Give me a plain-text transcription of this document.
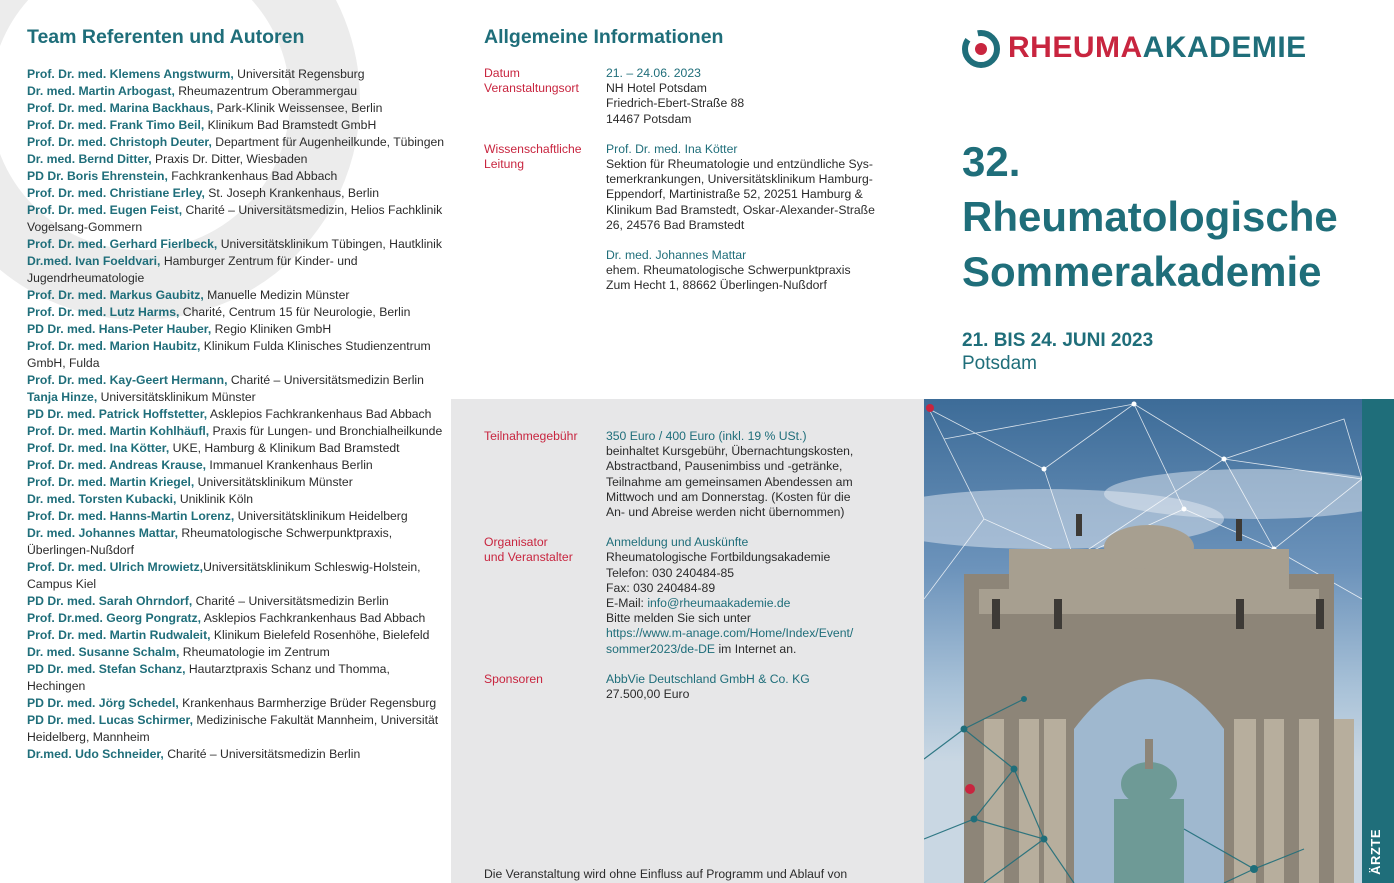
Team Referenten und Autoren

Prof. Dr. med. Klemens Angstwurm, Universität Regensburg

Dr. med. Martin Arbogast, Rheumazentrum Oberammergau

Prof. Dr. med. Marina Backhaus, Park-Klinik Weissensee, Berlin

Prof. Dr. med. Frank Timo Beil, Klinikum Bad Bramstedt GmbH

Prof. Dr. med. Christoph Deuter, Department für Augenheilkunde, Tübingen

Dr. med. Bernd Ditter, Praxis Dr. Ditter, Wiesbaden

PD Dr. Boris Ehrenstein, Fachkrankenhaus Bad Abbach

Prof. Dr. med. Christiane Erley, St. Joseph Krankenhaus, Berlin

Prof. Dr. med. Eugen Feist, Charité – Universitätsmedizin, Helios Fachklinik Vogelsang-Gommern

Prof. Dr. med. Gerhard Fierlbeck, Universitätsklinikum Tübingen, Hautklinik

Dr.med. Ivan Foeldvari, Hamburger Zentrum für Kinder- und Jugendrheumatologie

Prof. Dr. med. Markus Gaubitz, Manuelle Medizin Münster

Prof. Dr. med. Lutz Harms, Charité, Centrum 15 für Neurologie, Berlin

PD Dr. med. Hans-Peter Hauber, Regio Kliniken GmbH

Prof. Dr. med. Marion Haubitz, Klinikum Fulda Klinisches Studienzentrum GmbH, Fulda

Prof. Dr. med. Kay-Geert Hermann, Charité – Universitätsmedizin Berlin

Tanja Hinze, Universitätsklinikum Münster

PD Dr. med. Patrick Hoffstetter, Asklepios Fachkrankenhaus Bad Abbach

Prof. Dr. med. Martin Kohlhäufl, Praxis für Lungen- und Bronchialheilkunde

Prof. Dr. med. Ina Kötter, UKE, Hamburg & Klinikum Bad Bramstedt

Prof. Dr. med. Andreas Krause, Immanuel Krankenhaus Berlin

Prof. Dr. med. Martin Kriegel, Universitätsklinikum Münster

Dr. med. Torsten Kubacki, Uniklinik Köln

Prof. Dr. med. Hanns-Martin Lorenz, Universitätsklinikum Heidelberg

Dr. med. Johannes Mattar, Rheumatologische Schwerpunktpraxis, Überlingen-Nußdorf

Prof. Dr. med. Ulrich Mrowietz,Universitätsklinikum Schleswig-Holstein, Campus Kiel

PD Dr. med. Sarah Ohrndorf, Charité – Universitätsmedizin Berlin

Prof. Dr.med. Georg Pongratz, Asklepios Fachkrankenhaus Bad Abbach

Prof. Dr. med. Martin Rudwaleit, Klinikum Bielefeld Rosenhöhe, Bielefeld

Dr. med. Susanne Schalm, Rheumatologie im Zentrum

PD Dr. med. Stefan Schanz, Hautarztpraxis Schanz und Thomma, Hechingen

PD Dr. med. Jörg Schedel, Krankenhaus Barmherzige Brüder Regensburg

PD Dr. med. Lucas Schirmer, Medizinische Fakultät Mannheim, Universität Heidelberg, Mannheim

Dr.med. Udo Schneider, Charité – Universitätsmedizin Berlin

Allgemeine Informationen
Datum
Veranstaltungsort
21. – 24.06. 2023
NH Hotel Potsdam
Friedrich-Ebert-Straße 88
14467 Potsdam
Wissenschaftliche
Leitung
Prof. Dr. med. Ina Kötter
Sektion für Rheumatologie und entzündliche Sys-
temerkrankungen, Universitätsklinikum Hamburg-
Eppendorf, Martinistraße 52, 20251 Hamburg &
Klinikum Bad Bramstedt, Oskar-Alexander-Straße
26, 24576 Bad Bramstedt
Dr. med. Johannes Mattar
ehem. Rheumatologische Schwerpunktpraxis
Zum Hecht 1, 88662 Überlingen-Nußdorf
Teilnahmegebühr	350 Euro / 400 Euro (inkl. 19 % USt.)
beinhaltet Kursgebühr, Übernachtungskosten,
Abstractband, Pausenimbiss und -getränke,
Teilnahme am gemeinsamen Abendessen am
Mittwoch und am Donnerstag. (Kosten für die
An- und Abreise werden nicht übernommen)
Organisator
und Veranstalter
Anmeldung und Auskünfte
Rheumatologische Fortbildungsakademie
Telefon: 030 240484-85
Fax: 030 240484-89
E-Mail: info@rheumaakademie.de
Bitte melden Sie sich unter
https://www.m-anage.com/Home/Index/Event/
sommer2023/de-DE im Internet an.
Sponsoren	AbbVie Deutschland GmbH & Co. KG
27.500,00 Euro
Die Veranstaltung wird ohne Einfluss auf Programm und Ablauf von
RHEUMAAKADEMIE
32.
Rheumatologische
Sommerakademie
21. BIS 24. JUNI 2023
Potsdam
ÄRZTE
